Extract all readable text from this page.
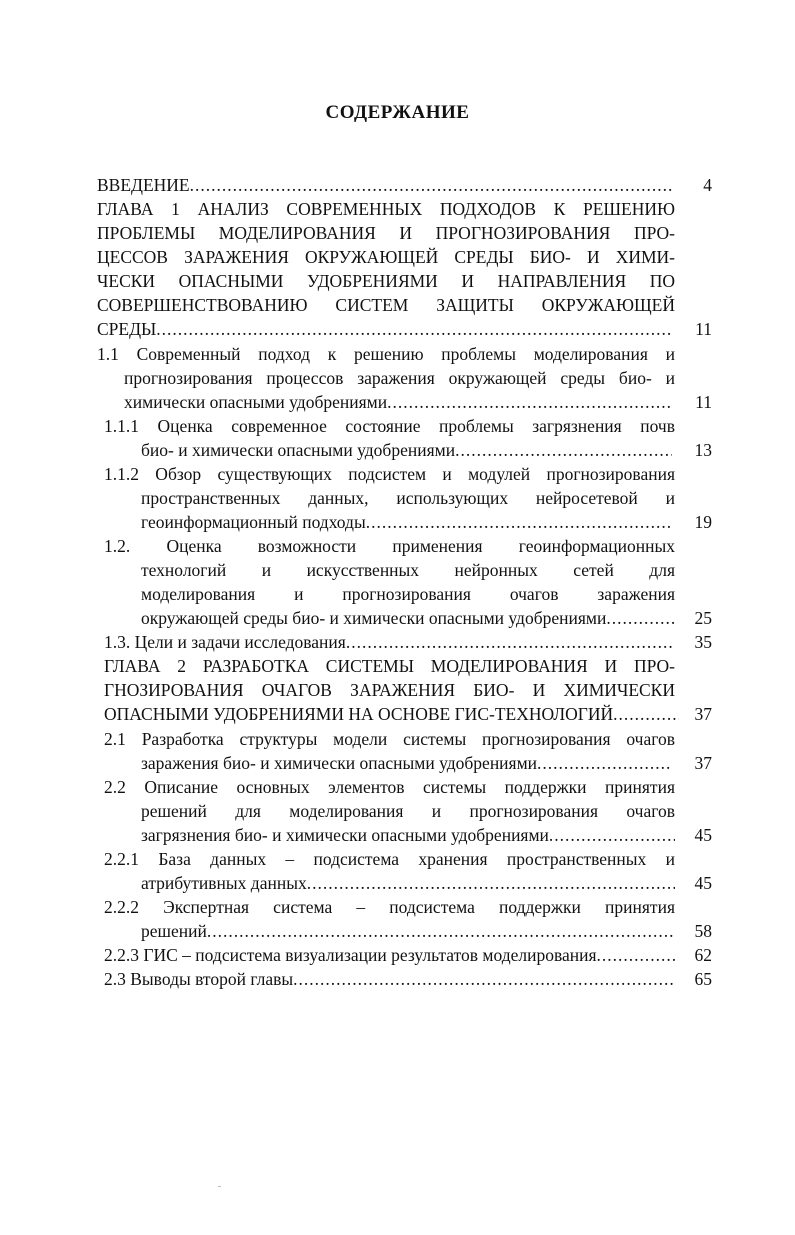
СОДЕРЖАНИЕ
ВВЕДЕНИЕ .....	4
ГЛАВА 1 АНАЛИЗ СОВРЕМЕННЫХ ПОДХОДОВ К РЕШЕНИЮ
ПРОБЛЕМЫ МОДЕЛИРОВАНИЯ И ПРОГНОЗИРОВАНИЯ ПРО-
ЦЕССОВ ЗАРАЖЕНИЯ ОКРУЖАЮЩЕЙ СРЕДЫ БИО- И ХИМИ-
ЧЕСКИ ОПАСНЫМИ УДОБРЕНИЯМИ И НАПРАВЛЕНИЯ ПО
СОВЕРШЕНСТВОВАНИЮ СИСТЕМ ЗАЩИТЫ ОКРУЖАЮЩЕЙ
СРЕДЫ .....	11
1.1 Современный подход к решению проблемы моделирования и
прогнозирования процессов заражения окружающей среды био- и
химически опасными удобрениями .....	11
1.1.1 Оценка современное состояние проблемы загрязнения почв
био- и химически опасными удобрениями .....	13
1.1.2 Обзор существующих подсистем и модулей прогнозирования
пространственных данных, использующих нейросетевой и
геоинформационный подходы .....	19
1.2. Оценка возможности применения геоинформационных
технологий и искусственных нейронных сетей для
моделирования и прогнозирования очагов заражения
окружающей среды био- и химически опасными удобрениями .....	25
1.3. Цели и задачи исследования .....	35
ГЛАВА 2 РАЗРАБОТКА СИСТЕМЫ МОДЕЛИРОВАНИЯ И ПРО-
ГНОЗИРОВАНИЯ ОЧАГОВ ЗАРАЖЕНИЯ БИО- И ХИМИЧЕСКИ
ОПАСНЫМИ УДОБРЕНИЯМИ НА ОСНОВЕ ГИС-ТЕХНОЛОГИЙ .....	37
2.1 Разработка структуры модели системы прогнозирования очагов
заражения био- и химически опасными удобрениями .....	37
2.2 Описание основных элементов системы поддержки принятия
решений для моделирования и прогнозирования очагов
загрязнения био- и химически опасными удобрениями .....	45
2.2.1 База данных – подсистема хранения пространственных и
атрибутивных данных .....	45
2.2.2 Экспертная система – подсистема поддержки принятия
решений .....	58
2.2.3 ГИС – подсистема визуализации результатов моделирования .....	62
2.3 Выводы второй главы .....	65
